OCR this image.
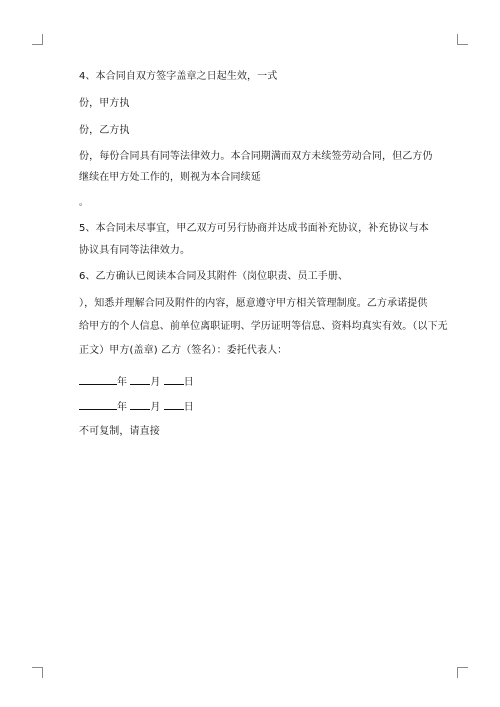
4、本合同自双方签字盖章之日起生效，一式
份，甲方执
份，乙方执
份，每份合同具有同等法律效力。本合同期满而双方未续签劳动合同，但乙方仍
继续在甲方处工作的，则视为本合同续延
。
5、本合同未尽事宜，甲乙双方可另行协商并达成书面补充协议，补充协议与本
协议具有同等法律效力。
6、乙方确认已阅读本合同及其附件（岗位职责、员工手册、
），知悉并理解合同及附件的内容，愿意遵守甲方相关管理制度。乙方承诺提供
给甲方的个人信息、前单位离职证明、学历证明等信息、资料均真实有效。（以下无
正文）甲方(盖章) 乙方（签名）：委托代表人：
年 月 日
年 月 日
不可复制，请直接
